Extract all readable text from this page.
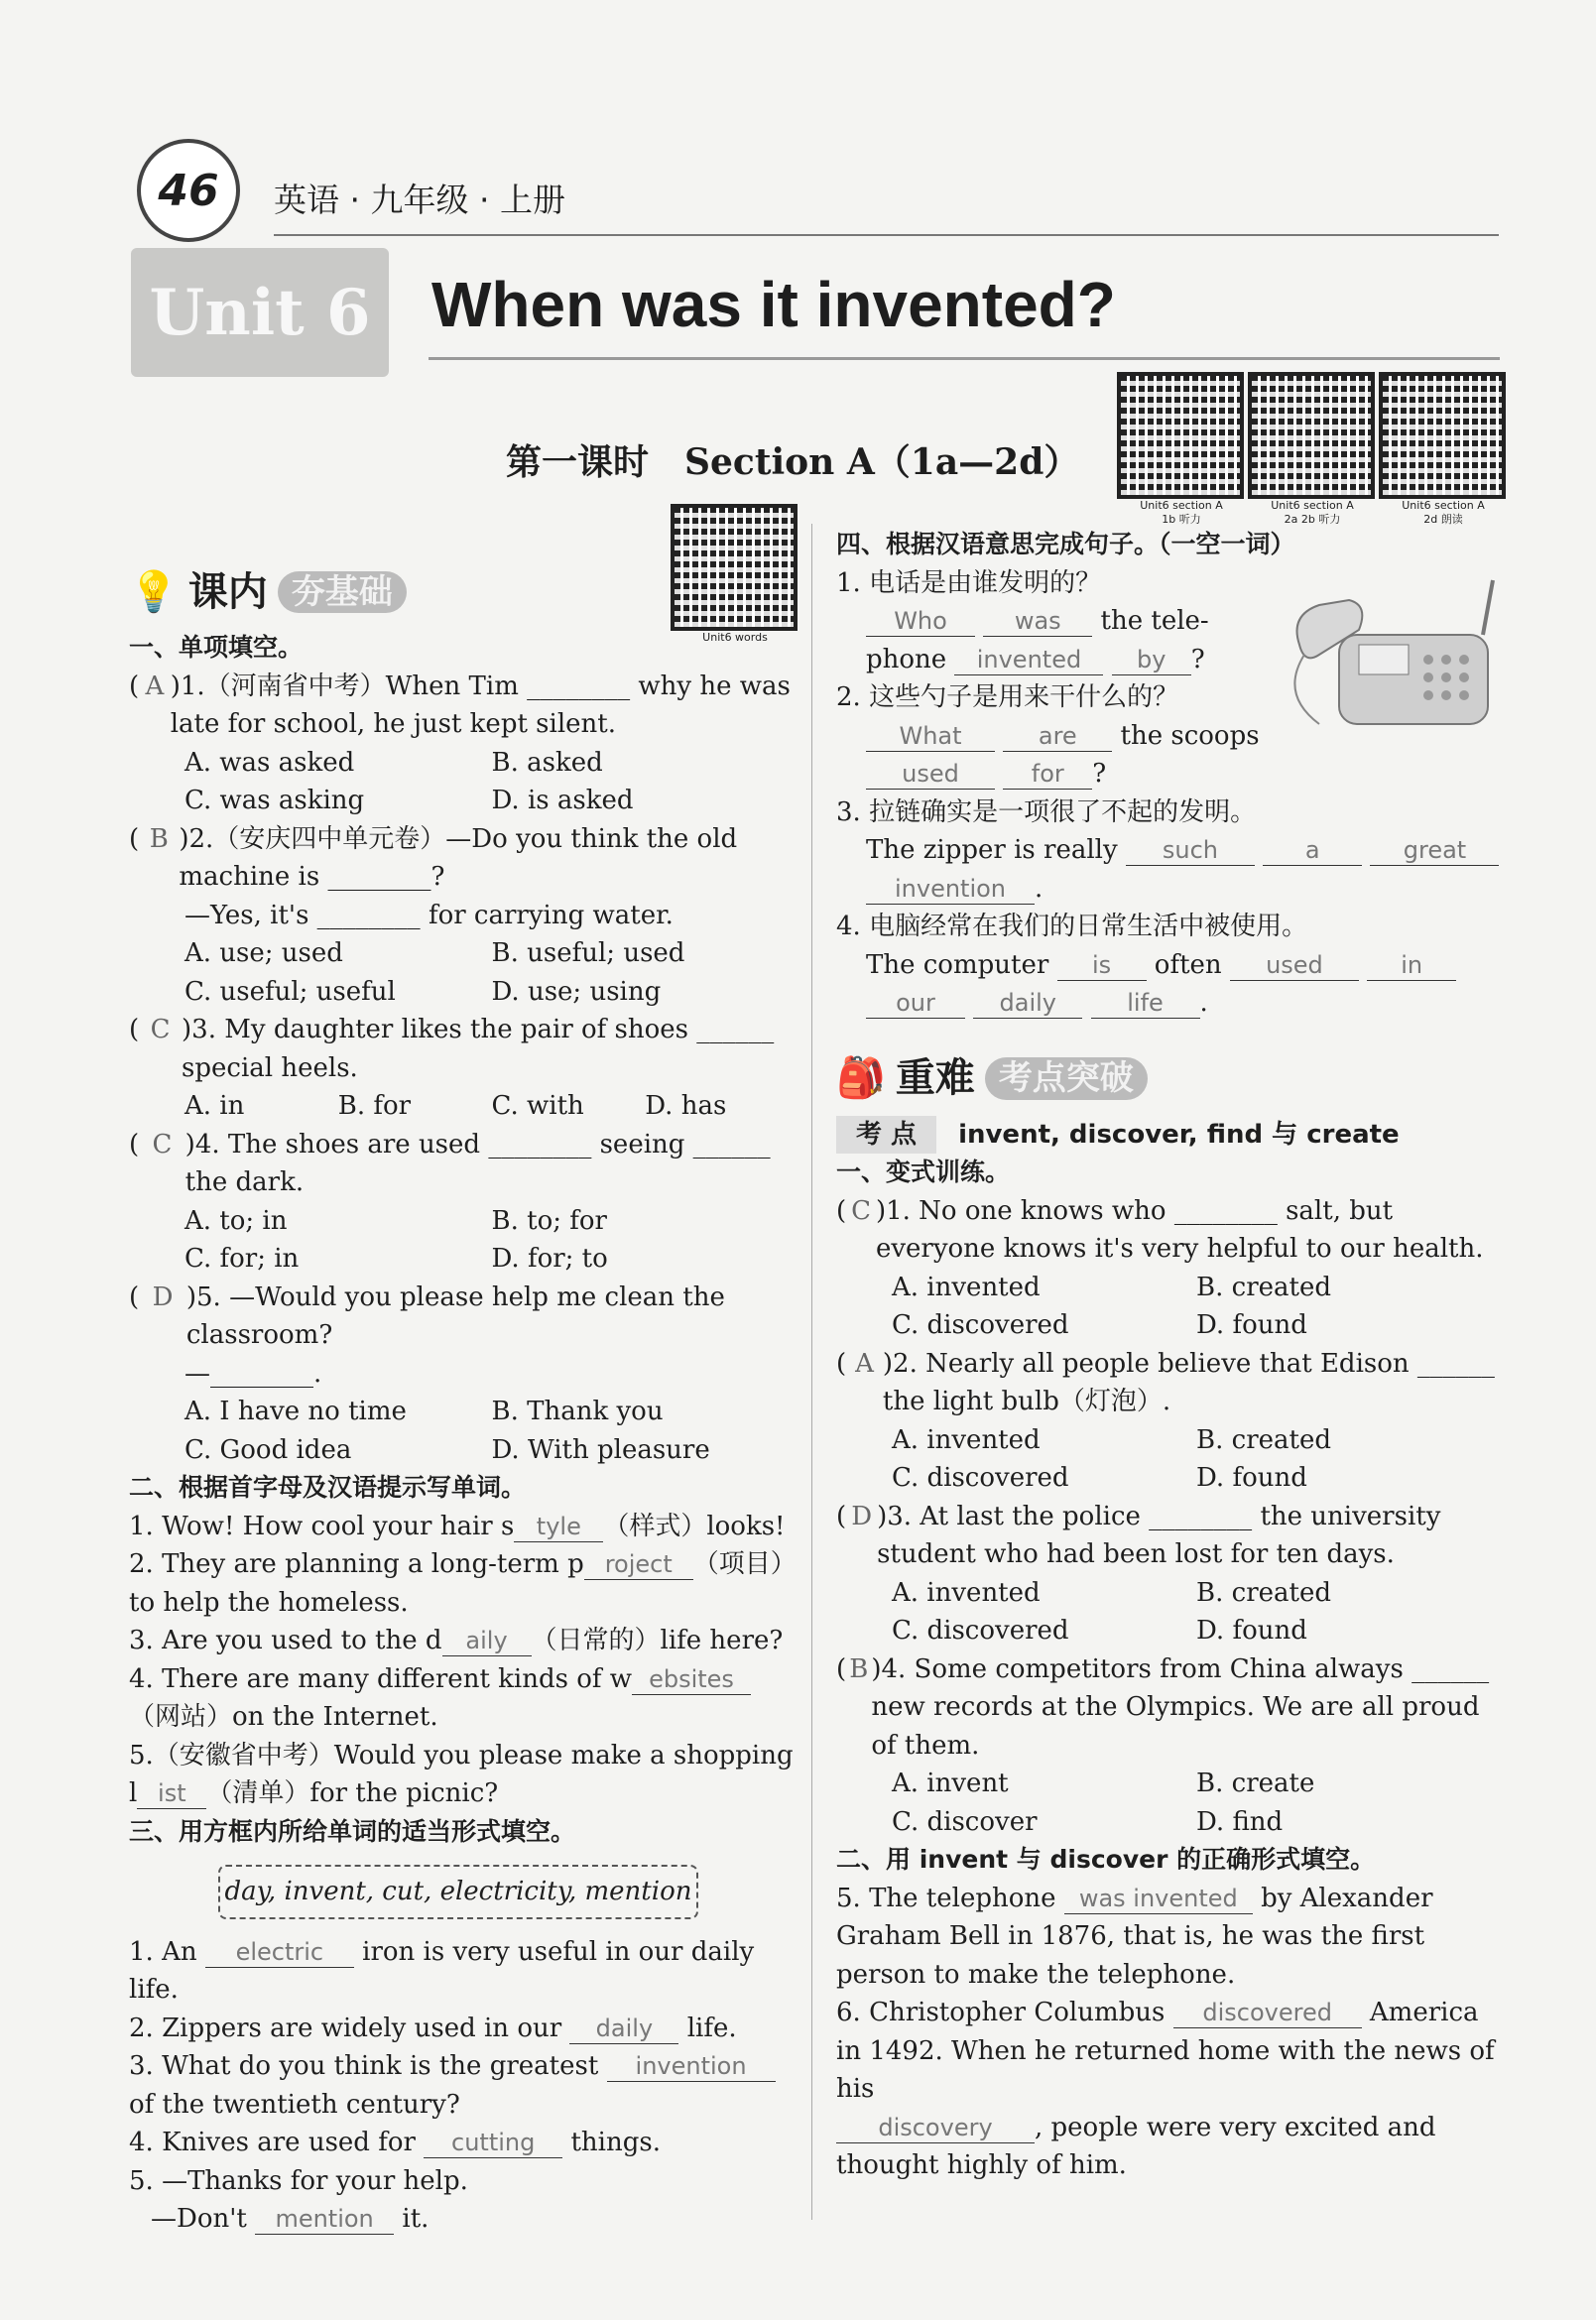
46	英语 · 九年级 · 上册
Unit 6 When was it invented?
Unit6 section A
1b 听力
Unit6 section A
2a 2b 听力
Unit6 section A
2d 朗读
Unit6 words
第一课时　Section A（1a—2d）
💡 课内 夯基础
一、单项填空。
( A )1.（河南省中考）When Tim ________ why he was late for school, he just kept silent.
A. was asked	B. asked
C. was asking	D. is asked
( B )2.（安庆四中单元卷）—Do you think the old machine is ________?
—Yes, it's ________ for carrying water.
A. use; used	B. useful; used
C. useful; useful	D. use; using
( C )3. My daughter likes the pair of shoes ______ special heels.
A. in	B. for	C. with	D. has
( C )4. The shoes are used ________ seeing ______ the dark.
A. to; in	B. to; for
C. for; in	D. for; to
( D )5. —Would you please help me clean the classroom?
—________.
A. I have no time	B. Thank you
C. Good idea	D. With pleasure
二、根据首字母及汉语提示写单词。
1. Wow! How cool your hair s tyle （样式）looks!
2. They are planning a long-term p roject （项目）to help the homeless.
3. Are you used to the d aily （日常的）life here?
4. There are many different kinds of w ebsites（网站）on the Internet.
5.（安徽省中考）Would you please make a shopping l ist （清单）for the picnic?
三、用方框内所给单词的适当形式填空。
day, invent, cut, electricity, mention
1. An electric iron is very useful in our daily life.
2. Zippers are widely used in our daily life.
3. What do you think is the greatest invention of the twentieth century?
4. Knives are used for cutting things.
5. —Thanks for your help.
—Don't mention it.
四、根据汉语意思完成句子。（一空一词）
1. 电话是由谁发明的？
Who	was the tele-
phone invented by ?
2. 这些勺子是用来干什么的？
What	are the scoops
used	for ?
3. 拉链确实是一项很了不起的发明。
The zipper is really such	a	great
invention .
4. 电脑经常在我们的日常生活中被使用。
The computer is often used	in
our	daily	life .
🎒 重难 考点突破
考 点	invent, discover, find 与 create
一、变式训练。
( C )1. No one knows who ________ salt, but everyone knows it's very helpful to our health.
A. invented	B. created
C. discovered	D. found
( A )2. Nearly all people believe that Edison ______ the light bulb（灯泡）.
A. invented	B. created
C. discovered	D. found
( D )3. At last the police ________ the university student who had been lost for ten days.
A. invented	B. created
C. discovered	D. found
( B )4. Some competitors from China always ______ new records at the Olympics. We are all proud of them.
A. invent	B. create
C. discover	D. find
二、用 invent 与 discover 的正确形式填空。
5. The telephone was invented by Alexander Graham Bell in 1876, that is, he was the first person to make the telephone.
6. Christopher Columbus discovered America in 1492. When he returned home with the news of his
discovery , people were very excited and thought highly of him.
